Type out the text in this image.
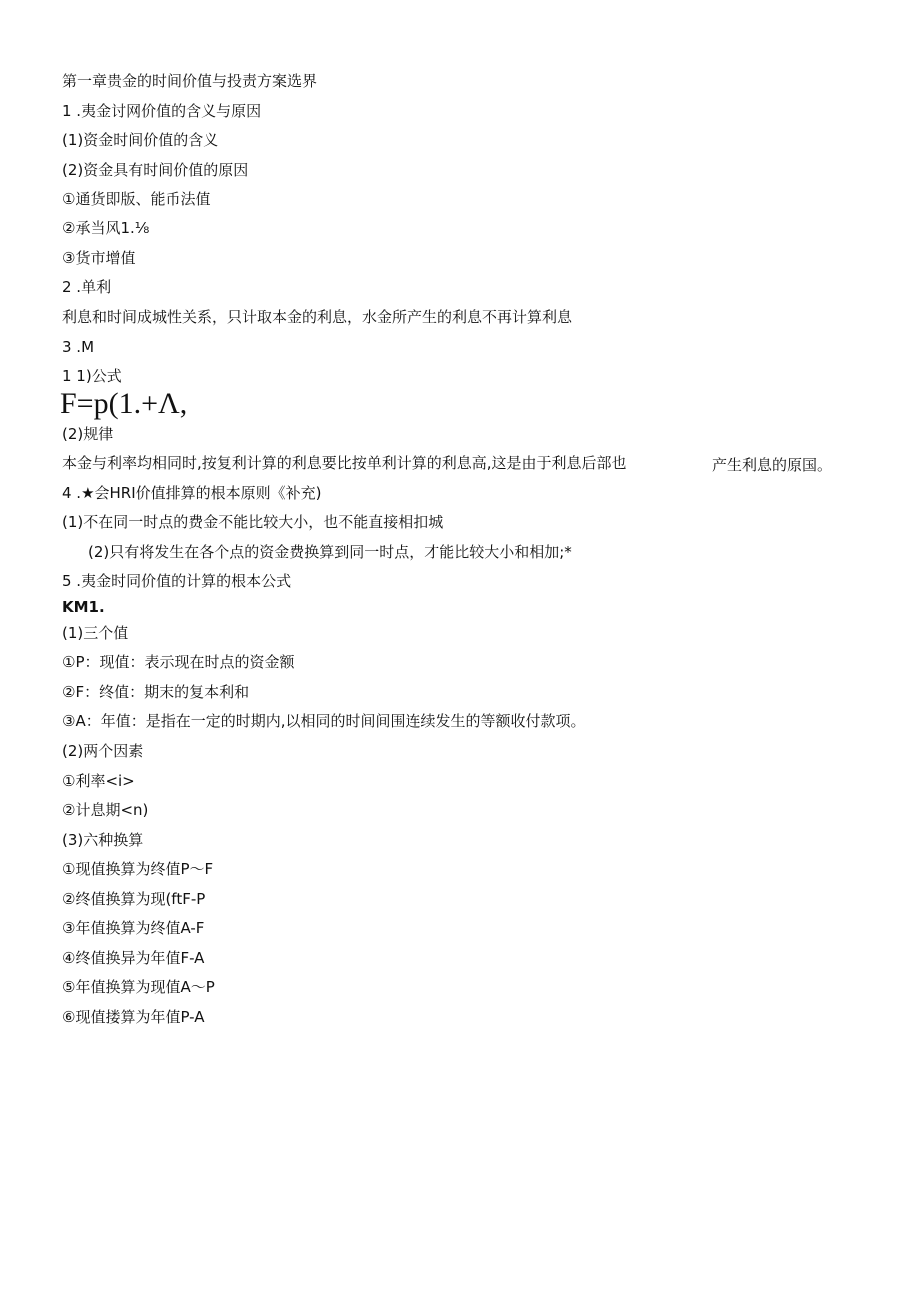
第一章贵金的时间价值与投责方案选界
1 .夷金讨网价值的含义与原因
(1)资金时间价值的含义
(2)资金具有时间价值的原因
①通货即版、能币法值
②承当风1.⅛
③货市增值
2 .单利
利息和时间成城性关系，只计取本金的利息，水金所产生的利息不再计算利息
3 .M
1 1)公式
F=p(1.+Λ,
(2)规律
本金与利率均相同时,按复利计算的利息要比按单利计算的利息高,这是由于利息后部也	产生利息的原国。
4 .★会HRI价值排算的根本原则《补充)
(1)不在同一时点的费金不能比较大小，也不能直接相扣城
(2)只有将发生在各个点的资金费换算到同一时点，才能比较大小和相加;*
5 .夷金时同价值的计算的根本公式
KM1.
(1)三个值
①P：现值：表示现在时点的资金额
②F：终值：期末的复本利和
③A：年值：是指在一定的时期内,以相同的时间间围连续发生的等额收付款项。
(2)两个因素
①利率<i>
②计息期<n)
(3)六种换算
①现值换算为终值P～F
②终值换算为现(ftF-P
③年值换算为终值A-F
④终值换异为年值F-A
⑤年值换算为现值A～P
⑥现值搂算为年值P-A
